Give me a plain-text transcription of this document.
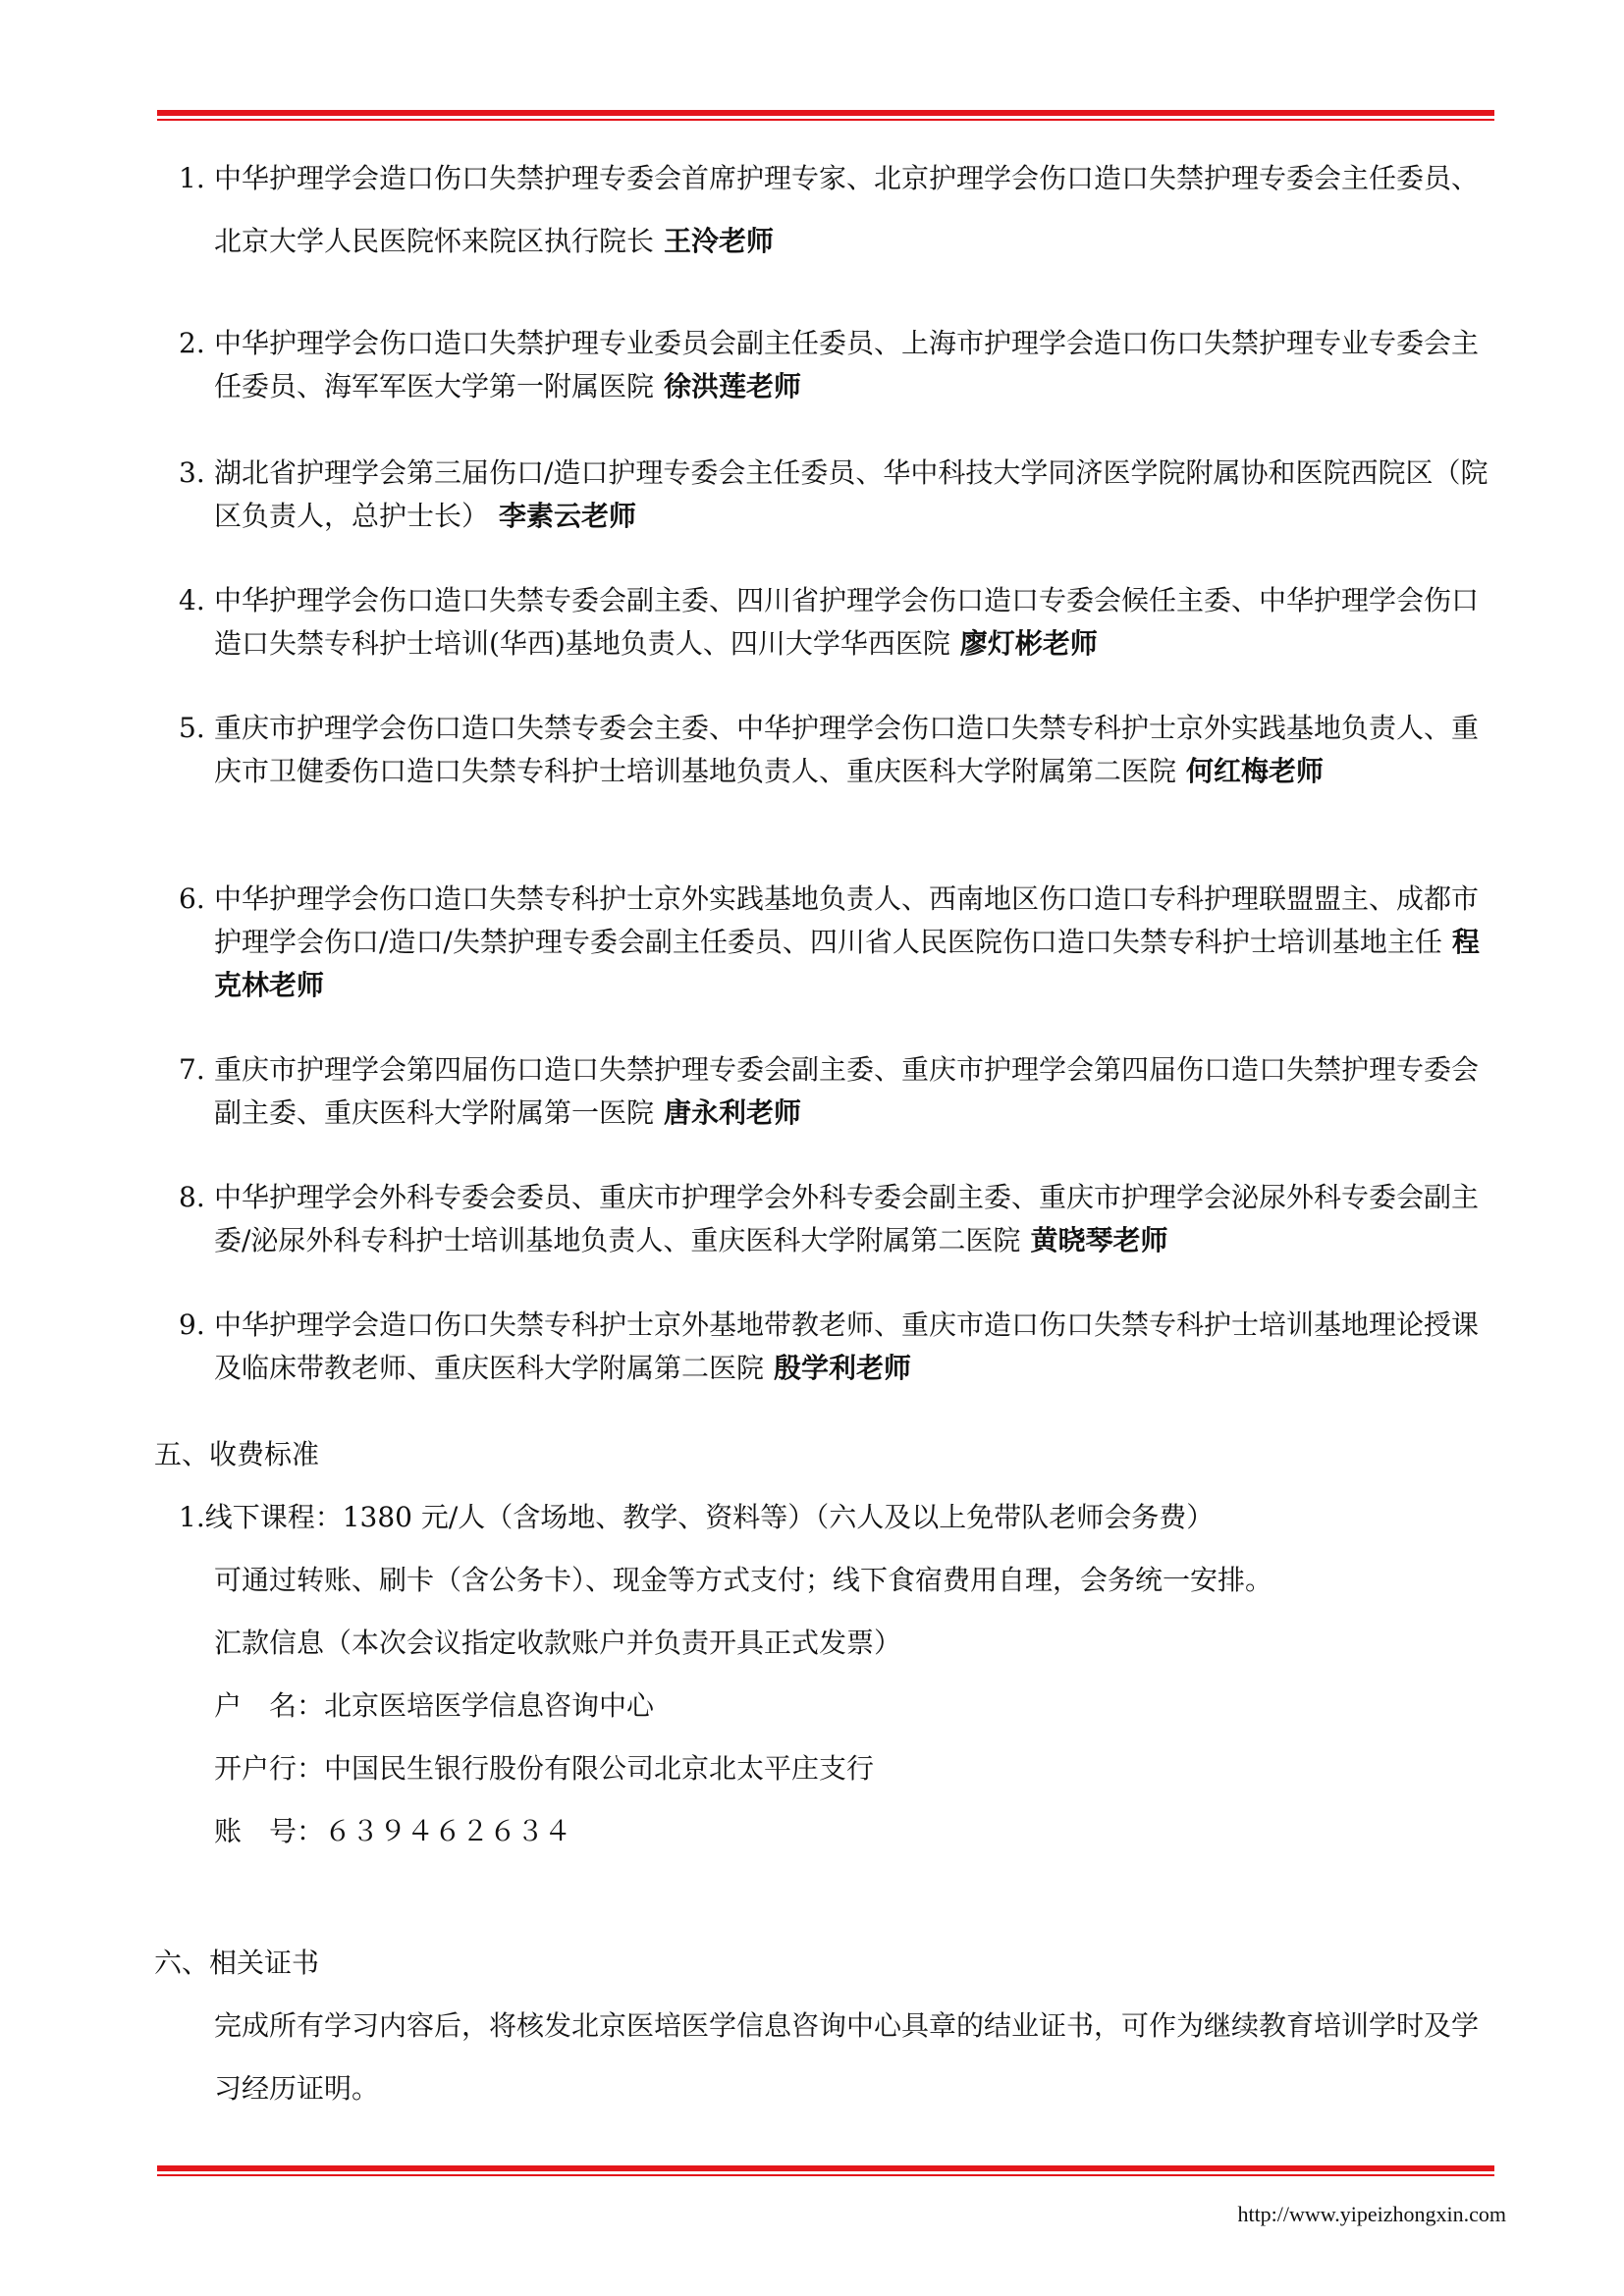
1. 中华护理学会造口伤口失禁护理专委会首席护理专家、北京护理学会伤口造口失禁护理专委会主任委员、北京大学人民医院怀来院区执行院长 王泠老师
2. 中华护理学会伤口造口失禁护理专业委员会副主任委员、上海市护理学会造口伤口失禁护理专业专委会主任委员、海军军医大学第一附属医院 徐洪莲老师
3. 湖北省护理学会第三届伤口/造口护理专委会主任委员、华中科技大学同济医学院附属协和医院西院区（院区负责人，总护士长） 李素云老师
4. 中华护理学会伤口造口失禁专委会副主委、四川省护理学会伤口造口专委会候任主委、中华护理学会伤口造口失禁专科护士培训(华西)基地负责人、四川大学华西医院 廖灯彬老师
5. 重庆市护理学会伤口造口失禁专委会主委、中华护理学会伤口造口失禁专科护士京外实践基地负责人、重庆市卫健委伤口造口失禁专科护士培训基地负责人、重庆医科大学附属第二医院 何红梅老师
6. 中华护理学会伤口造口失禁专科护士京外实践基地负责人、西南地区伤口造口专科护理联盟盟主、成都市护理学会伤口/造口/失禁护理专委会副主任委员、四川省人民医院伤口造口失禁专科护士培训基地主任 程克林老师
7. 重庆市护理学会第四届伤口造口失禁护理专委会副主委、重庆市护理学会第四届伤口造口失禁护理专委会副主委、重庆医科大学附属第一医院 唐永利老师
8. 中华护理学会外科专委会委员、重庆市护理学会外科专委会副主委、重庆市护理学会泌尿外科专委会副主委/泌尿外科专科护士培训基地负责人、重庆医科大学附属第二医院 黄晓琴老师
9. 中华护理学会造口伤口失禁专科护士京外基地带教老师、重庆市造口伤口失禁专科护士培训基地理论授课及临床带教老师、重庆医科大学附属第二医院 殷学利老师
五、收费标准
1.线下课程：1380 元/人（含场地、教学、资料等）（六人及以上免带队老师会务费）
可通过转账、刷卡（含公务卡）、现金等方式支付；线下食宿费用自理，会务统一安排。
汇款信息（本次会议指定收款账户并负责开具正式发票）
户　名：北京医培医学信息咨询中心
开户行：中国民生银行股份有限公司北京北太平庄支行
账　号：６３９４６２６３４
六、相关证书
完成所有学习内容后，将核发北京医培医学信息咨询中心具章的结业证书，可作为继续教育培训学时及学习经历证明。
http://www.yipeizhongxin.com
